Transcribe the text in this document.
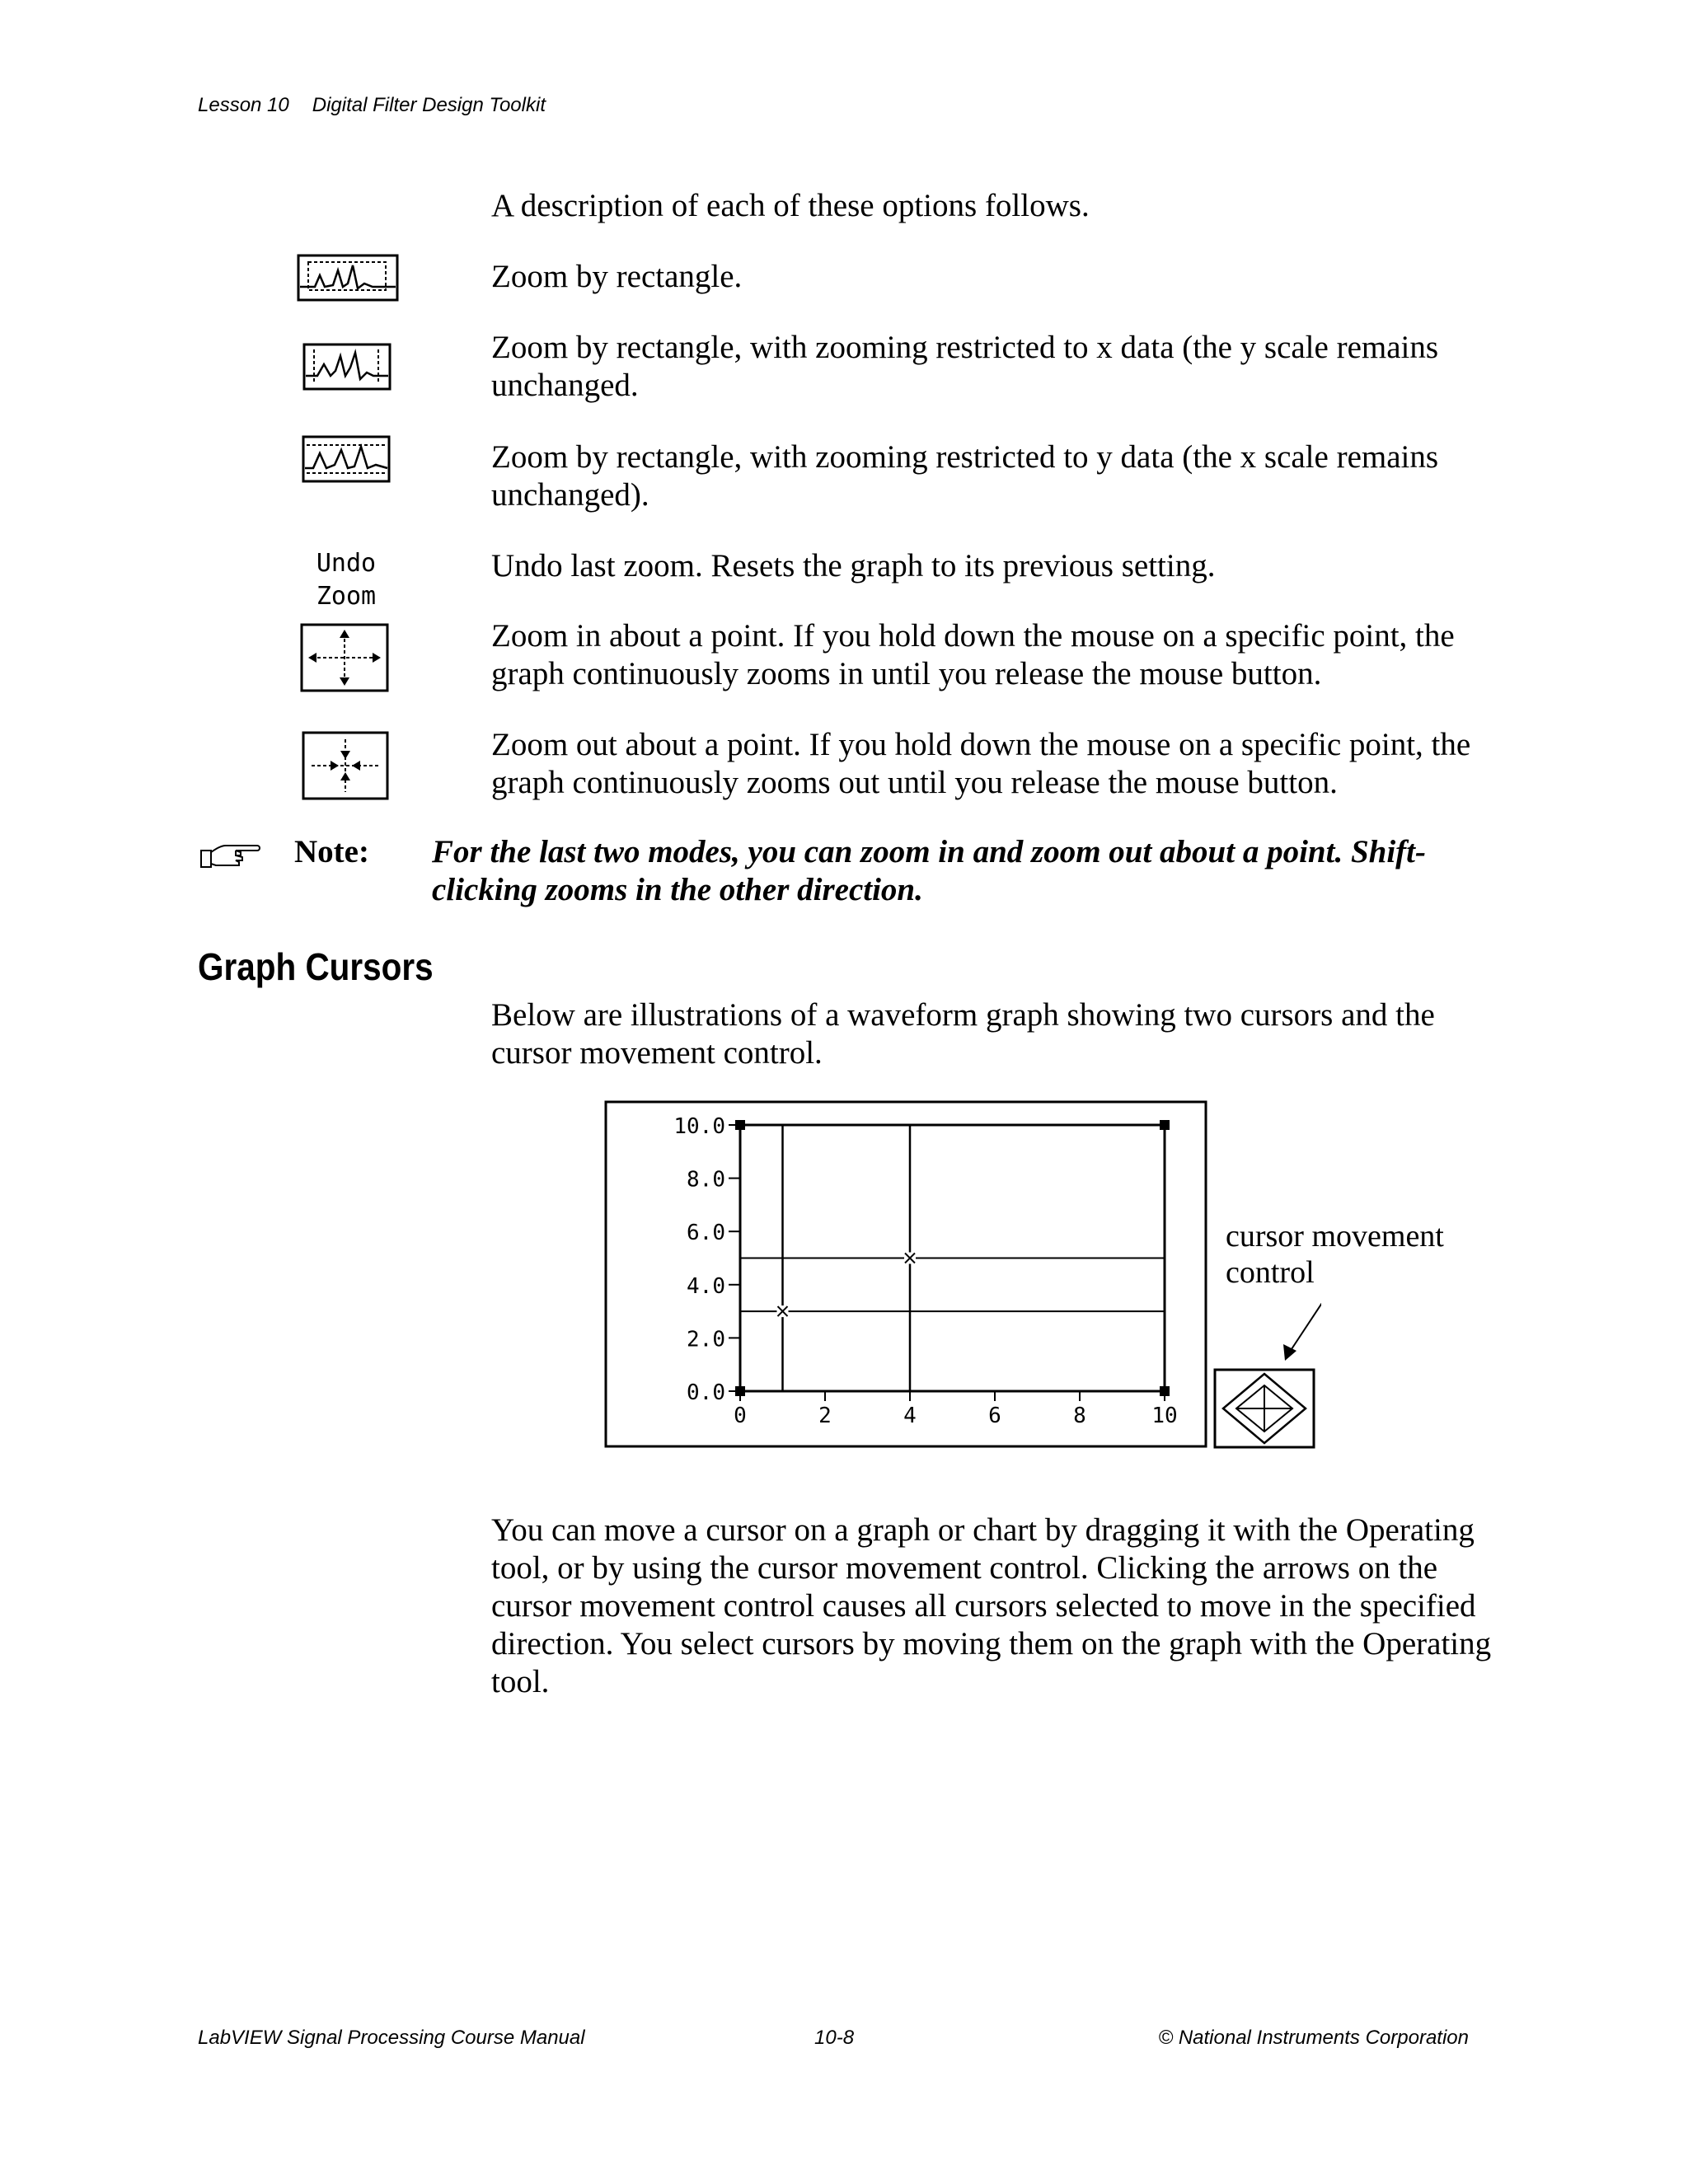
Lesson 10 Digital Filter Design Toolkit
A description of each of these options follows.
Zoom by rectangle.
Zoom by rectangle, with zooming restricted to x data (the y scale remains unchanged.
Zoom by rectangle, with zooming restricted to y data (the x scale remains unchanged).
Undo
Zoom
Undo last zoom. Resets the graph to its previous setting.
Zoom in about a point. If you hold down the mouse on a specific point, the graph continuously zooms in until you release the mouse button.
Zoom out about a point. If you hold down the mouse on a specific point, the graph continuously zooms out until you release the mouse button.
Note: For the last two modes, you can zoom in and zoom out about a point. Shift-clicking zooms in the other direction.
Graph Cursors
Below are illustrations of a waveform graph showing two cursors and the cursor movement control.
0.0
2.0
4.0
6.0
8.0
10.0
0	2	4	6	8	10
cursor movement
control
You can move a cursor on a graph or chart by dragging it with the Operating tool, or by using the cursor movement control. Clicking the arrows on the cursor movement control causes all cursors selected to move in the specified direction. You select cursors by moving them on the graph with the Operating tool.
LabVIEW Signal Processing Course Manual	10-8	© National Instruments Corporation
